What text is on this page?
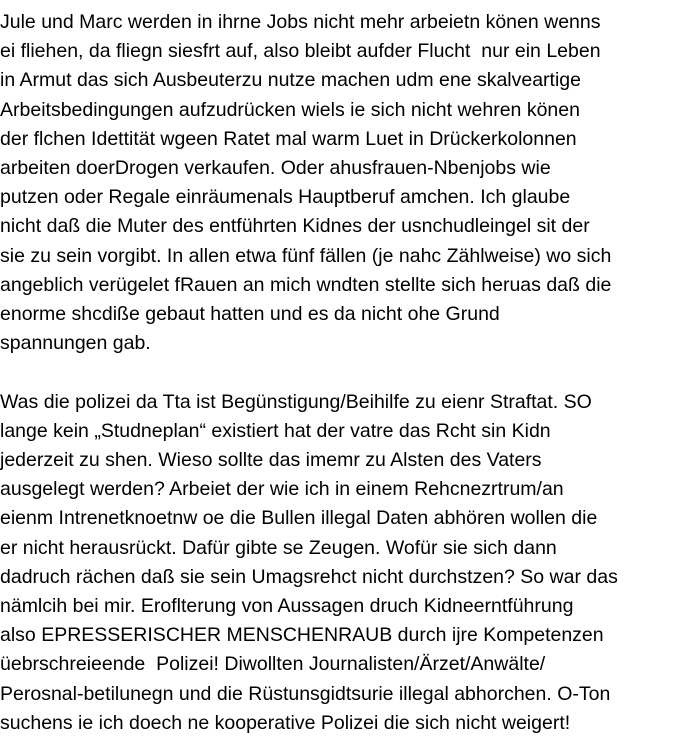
Jule und Marc werden in ihrne Jobs nicht mehr arbeietn könen wenns
ei fliehen, da fliegn siesfrt auf, also bleibt aufder Flucht  nur ein Leben
in Armut das sich Ausbeuterzu nutze machen udm ene skalveartige
Arbeitsbedingungen aufzudrücken wiels ie sich nicht wehren könen
der flchen Idettität wgeen Ratet mal warm Luet in Drückerkolonnen
arbeiten doerDrogen verkaufen. Oder ahusfrauen-Nbenjobs wie
putzen oder Regale einräumenals Hauptberuf amchen. Ich glaube
nicht daß die Muter des entführten Kidnes der usnchudleingel sit der
sie zu sein vorgibt. In allen etwa fünf fällen (je nahc Zählweise) wo sich
angeblich verügelet fRauen an mich wndten stellte sich heruas daß die
enorme shcdiße gebaut hatten und es da nicht ohe Grund
spannungen gab.
Was die polizei da Tta ist Begünstigung/Beihilfe zu eienr Straftat. SO
lange kein „Studneplan“ existiert hat der vatre das Rcht sin Kidn
jederzeit zu shen. Wieso sollte das imemr zu Alsten des Vaters
ausgelegt werden? Arbeiet der wie ich in einem Rehcnezrtrum/an
eienm Intrenetknoetnw oe die Bullen illegal Daten abhören wollen die
er nicht herausrückt. Dafür gibte se Zeugen. Wofür sie sich dann
dadruch rächen daß sie sein Umagsrehct nicht durchstzen? So war das
nämlcih bei mir. Eroflterung von Aussagen druch Kidneerntführung
also EPRESSERISCHER MENSCHENRAUB durch ijre Kompetenzen
üebrschreieende  Polizei! Diwollten Journalisten/Ärzet/Anwälte/
Perosnal-betilunegn und die Rüstunsgidtsurie illegal abhorchen. O-Ton
suchens ie ich doech ne kooperative Polizei die sich nicht weigert!
